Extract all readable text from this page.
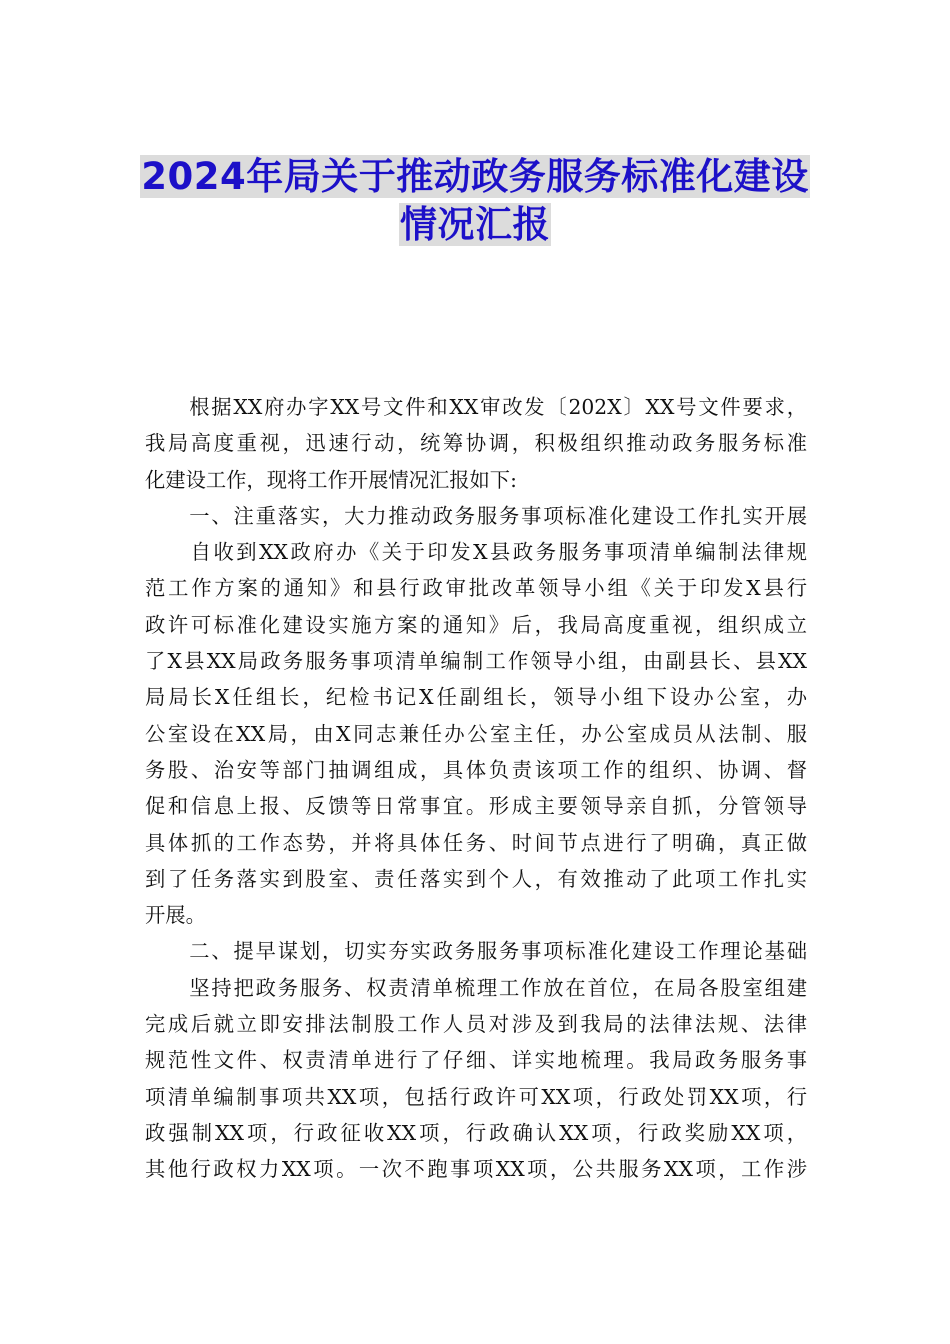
2024年局关于推动政务服务标准化建设
情况汇报
　　根据XX府办字XX号文件和XX审改发〔202X〕XX号文件要求，
我局高度重视，迅速行动，统筹协调，积极组织推动政务服务标准
化建设工作，现将工作开展情况汇报如下:
　　一、注重落实，大力推动政务服务事项标准化建设工作扎实开展
　　自收到XX政府办《关于印发X县政务服务事项清单编制法律规
范工作方案的通知》和县行政审批改革领导小组《关于印发X县行
政许可标准化建设实施方案的通知》后，我局高度重视，组织成立
了X县XX局政务服务事项清单编制工作领导小组，由副县长、县XX
局局长X任组长，纪检书记X任副组长，领导小组下设办公室，办
公室设在XX局，由X同志兼任办公室主任，办公室成员从法制、服
务股、治安等部门抽调组成，具体负责该项工作的组织、协调、督
促和信息上报、反馈等日常事宜。形成主要领导亲自抓，分管领导
具体抓的工作态势，并将具体任务、时间节点进行了明确，真正做
到了任务落实到股室、责任落实到个人，有效推动了此项工作扎实
开展。
　　二、提早谋划，切实夯实政务服务事项标准化建设工作理论基础
　　坚持把政务服务、权责清单梳理工作放在首位，在局各股室组建
完成后就立即安排法制股工作人员对涉及到我局的法律法规、法律
规范性文件、权责清单进行了仔细、详实地梳理。我局政务服务事
项清单编制事项共XX项，包括行政许可XX项，行政处罚XX项，行
政强制XX项，行政征收XX项，行政确认XX项，行政奖励XX项，
其他行政权力XX项。一次不跑事项XX项，公共服务XX项，工作涉
